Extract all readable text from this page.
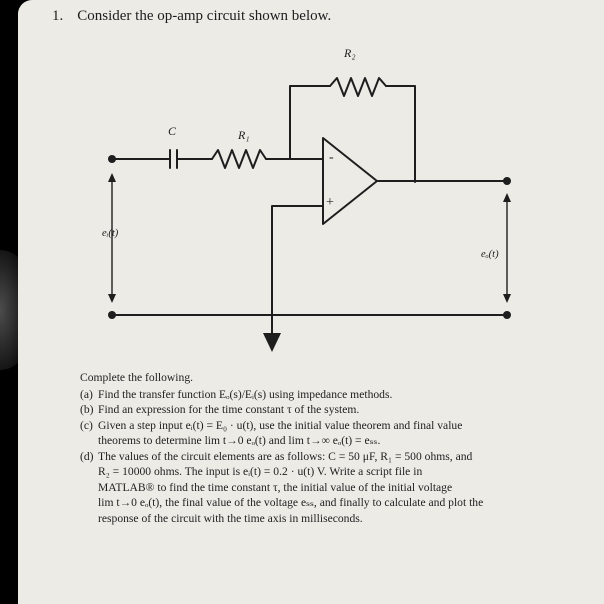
1. Consider the op-amp circuit shown below.
R₂
C	R₁
-
+
eᵢ(t)
eₒ(t)

Complete the following.

(a) Find the transfer function Eₒ(s)/Eᵢ(s) using impedance methods.
(b) Find an expression for the time constant τ of the system.
(c) Given a step input eᵢ(t) = E₀ · u(t), use the initial value theorem and final value
theorems to determine lim t→0 eₒ(t) and lim t→∞ eₒ(t) = eₛₛ.
(d) The values of the circuit elements are as follows: C = 50 μF, R₁ = 500 ohms, and
R₂ = 10000 ohms. The input is eᵢ(t) = 0.2 · u(t) V. Write a script file in
MATLAB® to find the time constant τ, the initial value of the initial voltage
lim t→0 eₒ(t), the final value of the voltage eₛₛ, and finally to calculate and plot the
response of the circuit with the time axis in milliseconds.
